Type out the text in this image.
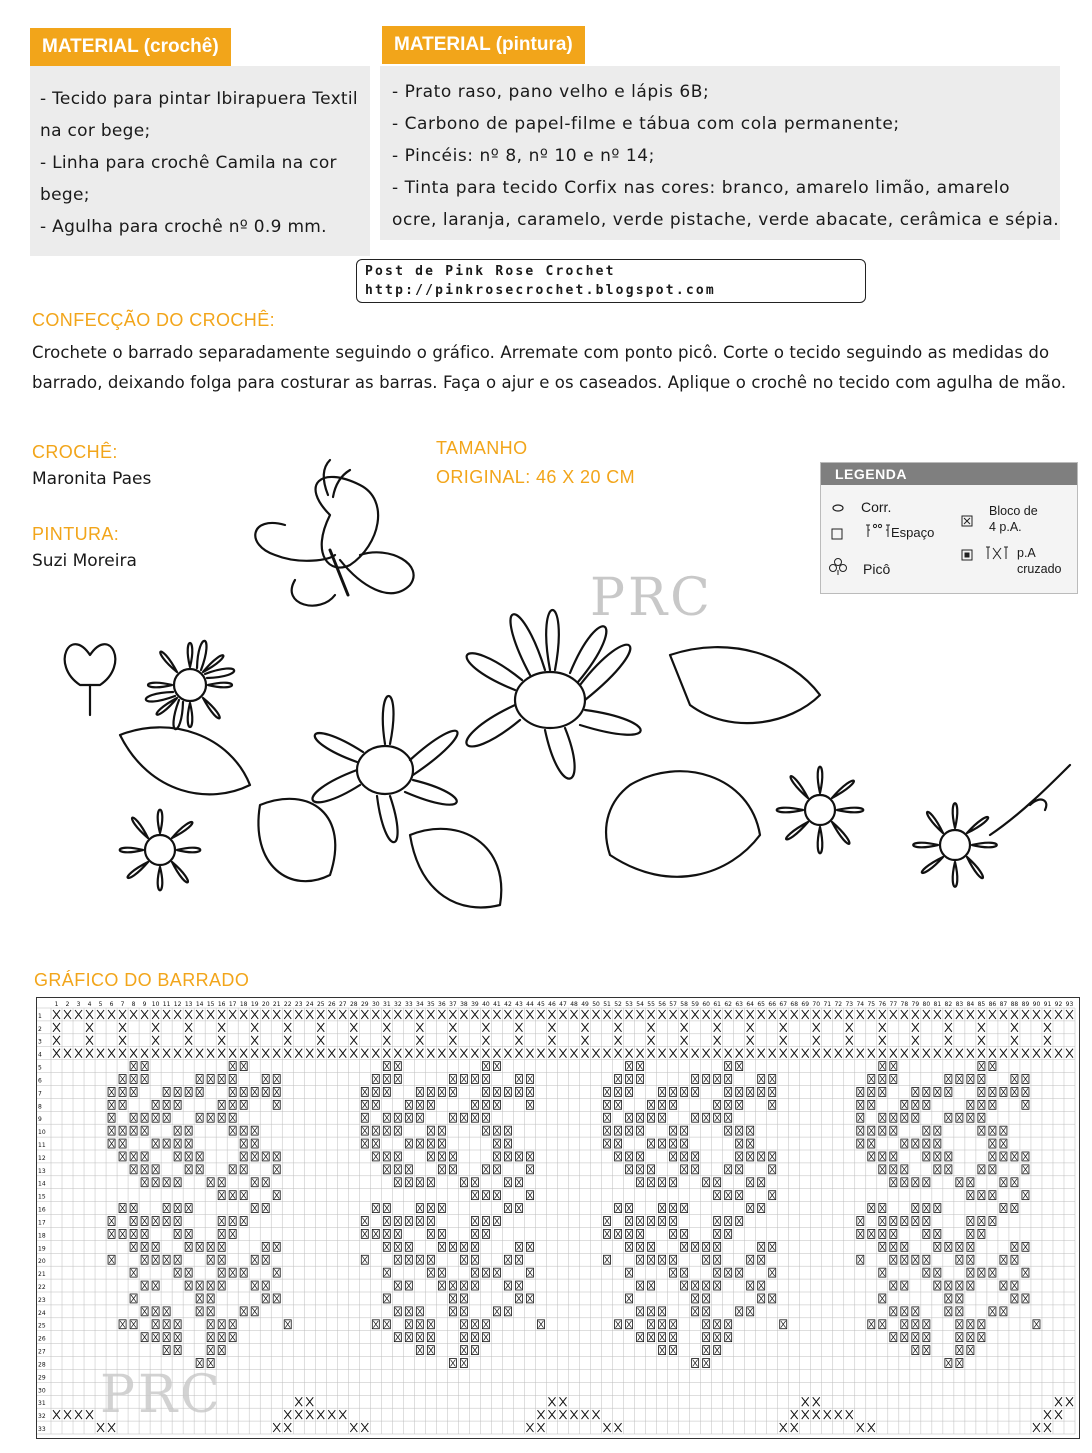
MATERIAL (crochê)
- Tecido para pintar Ibirapuera Textil
na cor bege;
- Linha para crochê Camila na cor
bege;
- Agulha para crochê nº 0.9 mm.
MATERIAL (pintura)
- Prato raso, pano velho e lápis 6B;
- Carbono de papel-filme e tábua com cola permanente;
- Pincéis: nº 8, nº 10 e nº 14;
- Tinta para tecido Corfix nas cores: branco, amarelo limão, amarelo
ocre, laranja, caramelo, verde pistache, verde abacate, cerâmica e sépia.
Post de Pink Rose Crochet
http://pinkrosecrochet.blogspot.com
CONFECÇÃO DO CROCHÊ:
Crochete o barrado separadamente seguindo o gráfico. Arremate com ponto picô. Corte o tecido seguindo as medidas do
barrado, deixando folga para costurar as barras. Faça o ajur e os caseados. Aplique o crochê no tecido com agulha de mão.
CROCHÊ:
Maronita Paes
PINTURA:
Suzi Moreira
TAMANHO
ORIGINAL: 46 X 20 CM	LEGENDA
Corr.
Espaço
Picô
Bloco de
4 p.A.
p.A
cruzado
PRC
GRÁFICO DO BARRADO
1 2 3 4 5 6 7 8 9 10 11 12 13 14 15 16 17 18 19 20 21 22 23 24 25 26 27 28 29 30 31 32 33 34 35 36 37 38 39 40 41 42 43 44 45 46 47 48 49 50 51 52 53 54 55 56 57 58 59 60 61 62 63 64 65 66 67 68 69 70 71 72 73 74 75 76 77 78 79 80 81 82 83 84 85 86 87 88 89 90 91 92 93
1
2
3
4
5
6
7
8
9
10
11
12
13
14
15
16
17
18
19
20
21
22
23
24
25
26
27
28
29
30
31
32
33
PRC
